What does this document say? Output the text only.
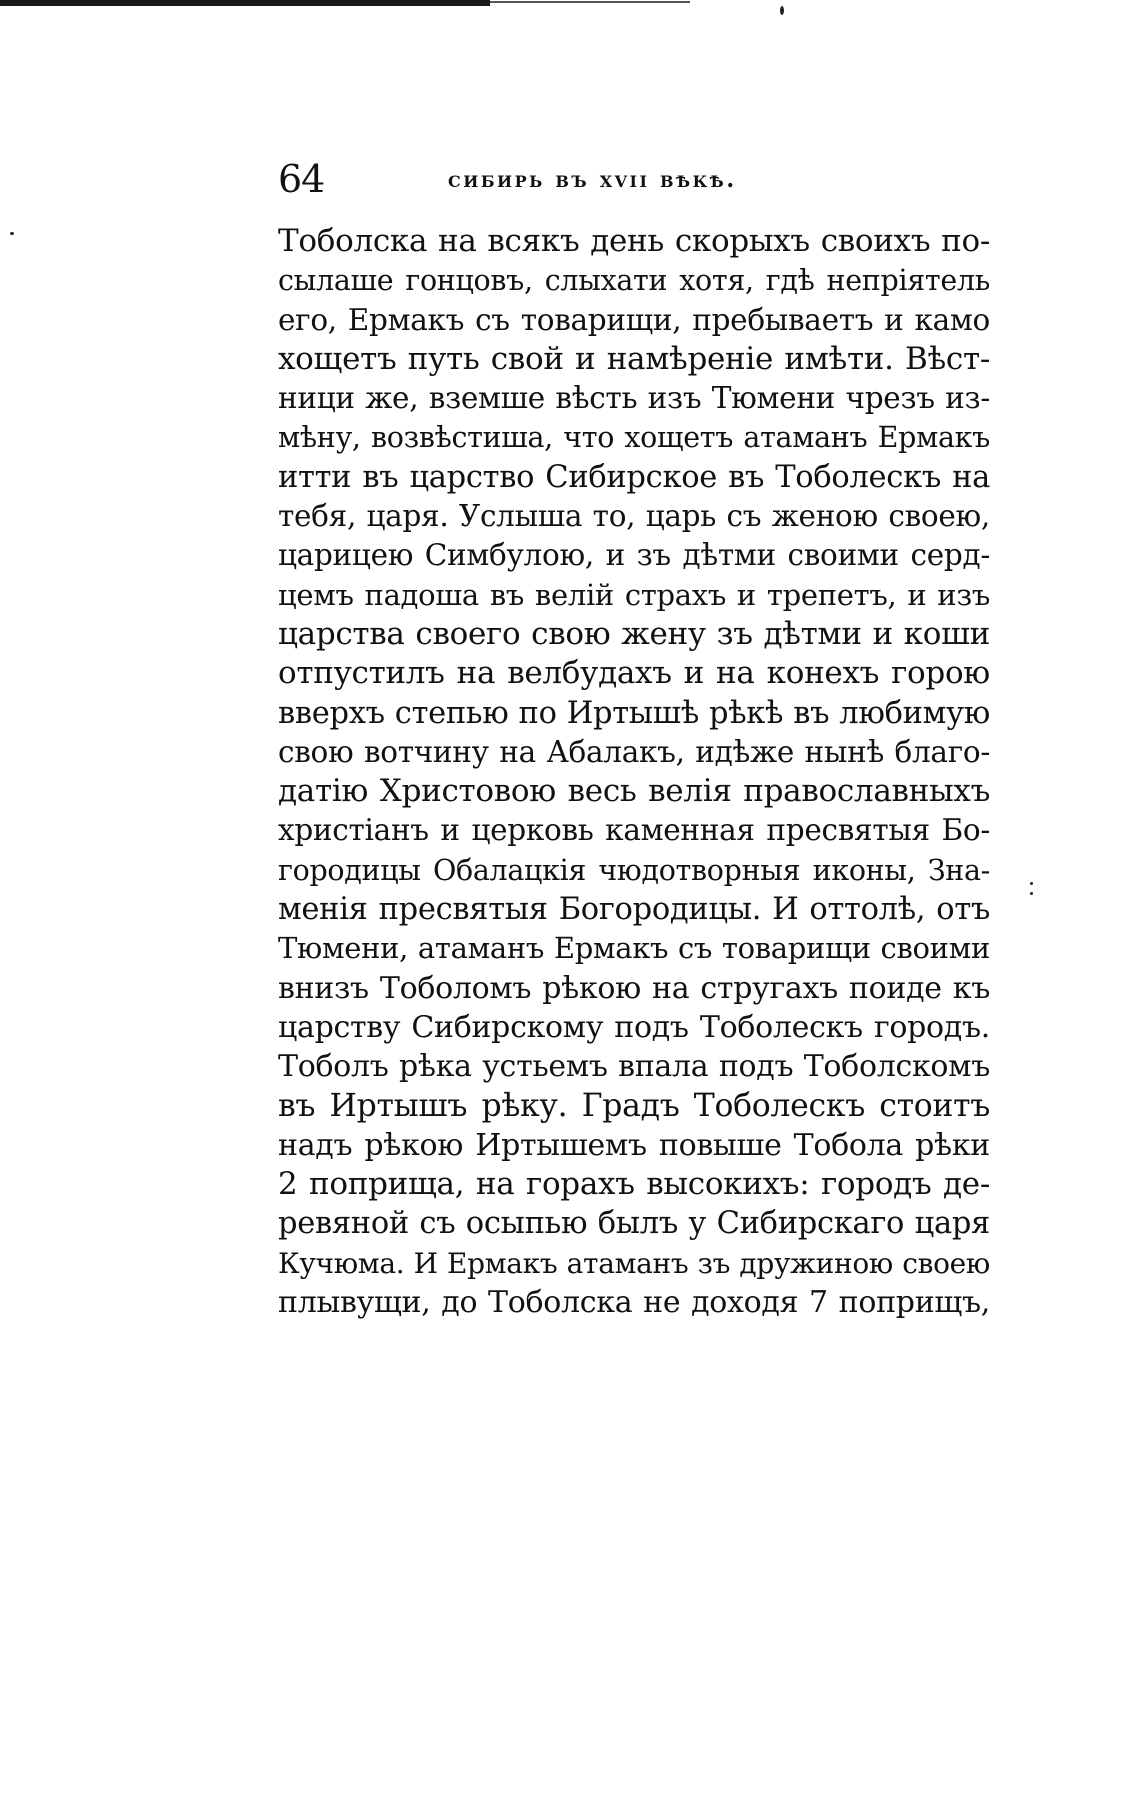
64	сибирь въ xvii вѣкѣ.
Тоболска на всякъ день скорыхъ своихъ по-
сылаше гонцовъ, слыхати хотя, гдѣ непрiятель
его, Ермакъ съ товарищи, пребываетъ и камо
хощетъ путь свой и намѣренiе имѣти. Вѣст-
ници же, вземше вѣсть изъ Тюмени чрезъ из-
мѣну, возвѣстиша, что хощетъ атаманъ Ермакъ
итти въ царство Сибирское въ Тоболескъ на
тебя, царя. Услыша то, царь съ женою своею,
царицею Симбулою, и зъ дѣтми своими серд-
цемъ падоша въ велiй страхъ и трепетъ, и изъ
царства своего свою жену зъ дѣтми и коши
отпустилъ на велбудахъ и на конехъ горою
вверхъ степью по Иртышѣ рѣкѣ въ любимую
свою вотчину на Абалакъ, идѣже нынѣ благо-
датiю Христовою весь велiя православныхъ
христiанъ и церковь каменная пресвятыя Бо-
городицы Обалацкiя чюдотворныя иконы, Зна-
менiя пресвятыя Богородицы. И оттолѣ, отъ
Тюмени, атаманъ Ермакъ съ товарищи своими
внизъ Тоболомъ рѣкою на стругахъ поиде къ
царству Сибирскому подъ Тоболескъ городъ.
Тоболъ рѣка устьемъ впала подъ Тоболскомъ
въ Иртышъ рѣку. Градъ Тоболескъ стоитъ
надъ рѣкою Иртышемъ повыше Тобола рѣки
2 поприща, на горахъ высокихъ: городъ де-
ревяной съ осыпью былъ у Сибирскаго царя
Кучюма. И Ермакъ атаманъ зъ дружиною своею
плывущи, до Тоболска не доходя 7 поприщъ,
